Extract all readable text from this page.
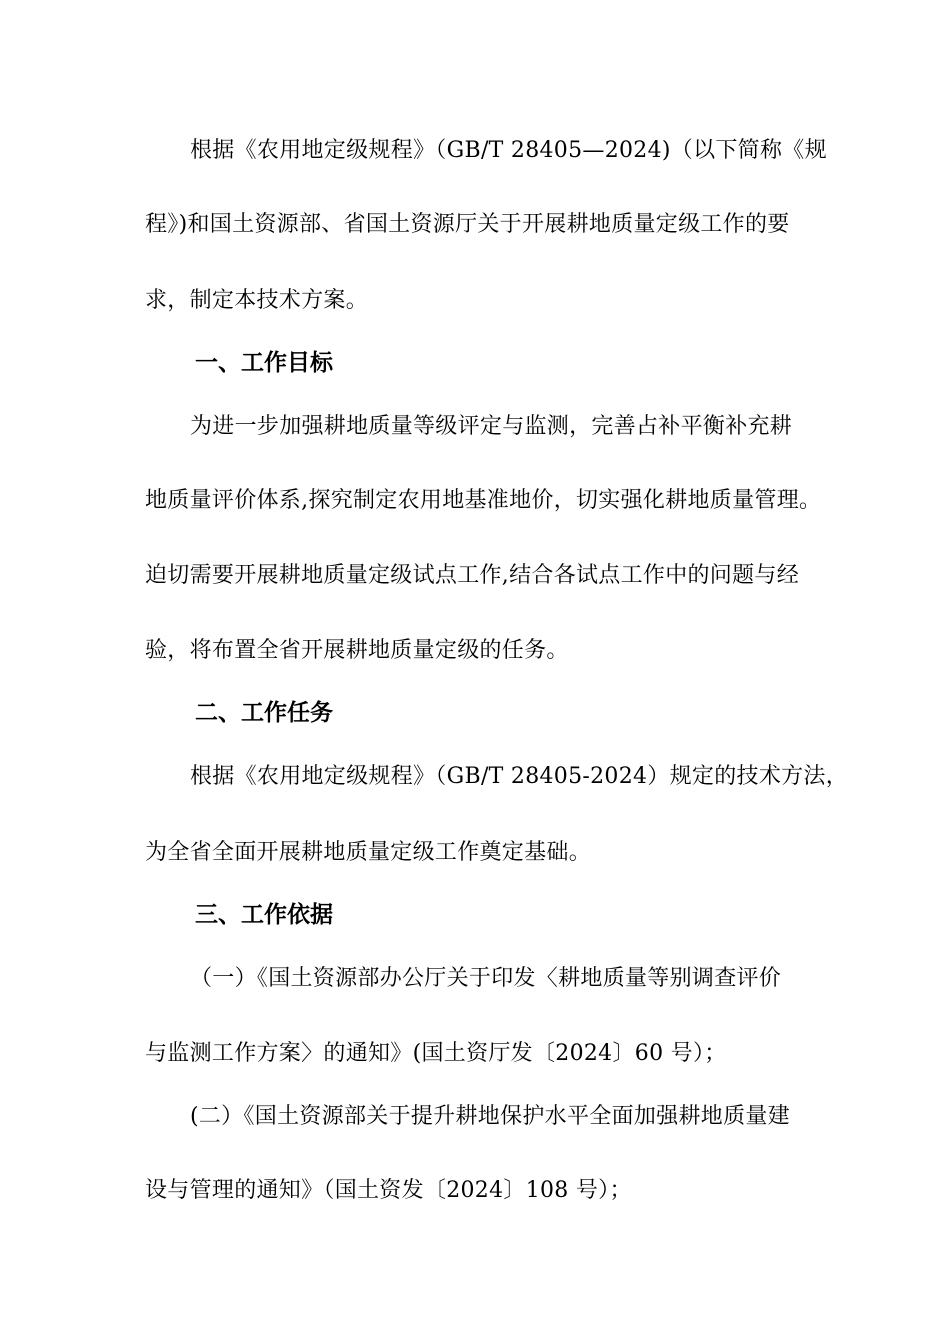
根据《农用地定级规程》（GB/T 28405—2024)（以下简称《规
程》)和国土资源部、省国土资源厅关于开展耕地质量定级工作的要
求，制定本技术方案。
一、工作目标
为进一步加强耕地质量等级评定与监测，完善占补平衡补充耕
地质量评价体系,探究制定农用地基准地价，切实强化耕地质量管理。
迫切需要开展耕地质量定级试点工作,结合各试点工作中的问题与经
验，将布置全省开展耕地质量定级的任务。
二、工作任务
根据《农用地定级规程》（GB/T 28405-2024）规定的技术方法，
为全省全面开展耕地质量定级工作奠定基础。
三、工作依据
（一）《国土资源部办公厅关于印发〈耕地质量等别调查评价
与监测工作方案〉的通知》(国土资厅发〔2024〕60 号）；
(二）《国土资源部关于提升耕地保护水平全面加强耕地质量建
设与管理的通知》（国土资发〔2024〕108 号）；
